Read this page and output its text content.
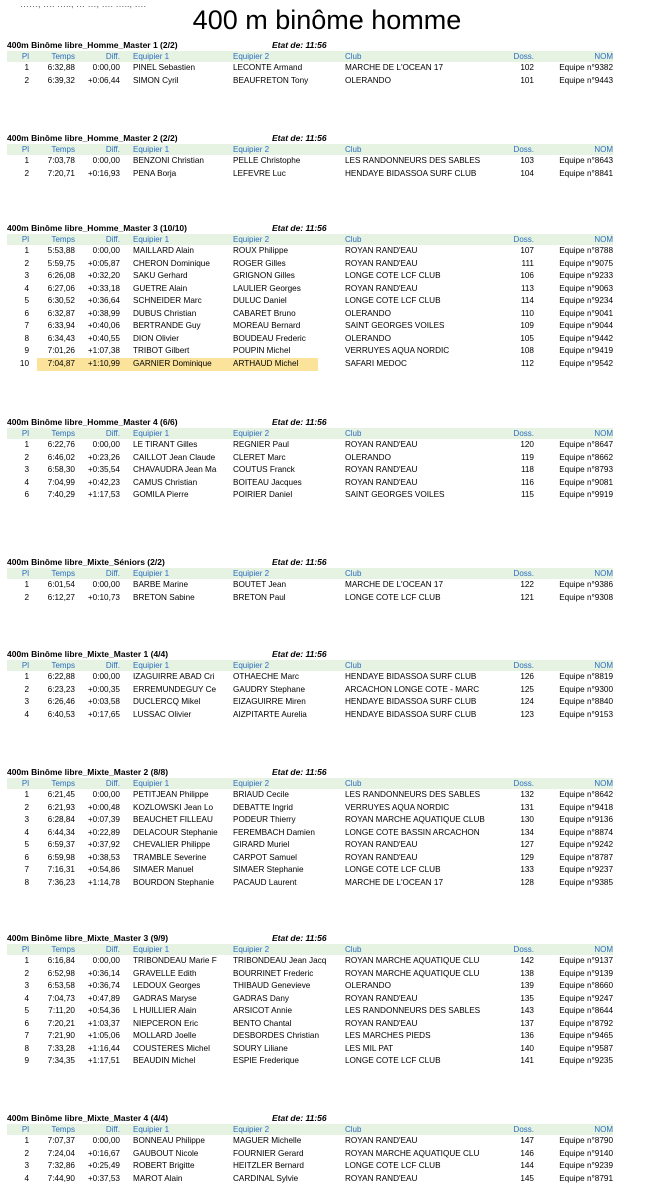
……, …. ….., … …, …. ….., ….
400 m binôme homme
400m Binôme libre_Homme_Master 1 (2/2)	Etat de: 11:56
Pl	Temps	Diff. Equipier 1	Equipier 2	Club	Doss.	NOM
1	6:32,88	0:00,00 PINEL Sebastien	LECONTE Armand	MARCHE DE L'OCEAN 17	102	Equipe n°9382
2	6:39,32	+0:06,44 SIMON Cyril	BEAUFRETON Tony	OLERANDO	101	Equipe n°9443
400m Binôme libre_Homme_Master 2 (2/2)	Etat de: 11:56
Pl	Temps	Diff. Equipier 1	Equipier 2	Club	Doss.	NOM
1	7:03,78	0:00,00 BENZONI Christian	PELLE Christophe	LES RANDONNEURS DES SABLES	103	Equipe n°8643
2	7:20,71	+0:16,93 PENA Borja	LEFEVRE Luc	HENDAYE BIDASSOA SURF CLUB	104	Equipe n°8841
400m Binôme libre_Homme_Master 3 (10/10)	Etat de: 11:56
Pl	Temps	Diff. Equipier 1	Equipier 2	Club	Doss.	NOM
1	5:53,88	0:00,00 MAILLARD Alain	ROUX Philippe	ROYAN RAND'EAU	107	Equipe n°8788
2	5:59,75	+0:05,87 CHERON Dominique	ROGER Gilles	ROYAN RAND'EAU	111	Equipe n°9075
3	6:26,08	+0:32,20 SAKU Gerhard	GRIGNON Gilles	LONGE COTE LCF CLUB	106	Equipe n°9233
4	6:27,06	+0:33,18 GUETRE Alain	LAULIER Georges	ROYAN RAND'EAU	113	Equipe n°9063
5	6:30,52	+0:36,64 SCHNEIDER Marc	DULUC Daniel	LONGE COTE LCF CLUB	114	Equipe n°9234
6	6:32,87	+0:38,99 DUBUS Christian	CABARET Bruno	OLERANDO	110	Equipe n°9041
7	6:33,94	+0:40,06 BERTRANDE Guy	MOREAU Bernard	SAINT GEORGES VOILES	109	Equipe n°9044
8	6:34,43	+0:40,55 DION Olivier	BOUDEAU Frederic	OLERANDO	105	Equipe n°9442
9	7:01,26	+1:07,38 TRIBOT Gilbert	POUPIN Michel	VERRUYES AQUA NORDIC	108	Equipe n°9419
10	7:04,87	+1:10,99 GARNIER Dominique	ARTHAUD Michel	SAFARI MEDOC	112	Equipe n°9542
400m Binôme libre_Homme_Master 4 (6/6)	Etat de: 11:56
Pl	Temps	Diff. Equipier 1	Equipier 2	Club	Doss.	NOM
1	6:22,76	0:00,00 LE TIRANT Gilles	REGNIER Paul	ROYAN RAND'EAU	120	Equipe n°8647
2	6:46,02	+0:23,26 CAILLOT Jean Claude	CLERET Marc	OLERANDO	119	Equipe n°8662
3	6:58,30	+0:35,54 CHAVAUDRA Jean Ma	COUTUS Franck	ROYAN RAND'EAU	118	Equipe n°8793
4	7:04,99	+0:42,23 CAMUS Christian	BOITEAU Jacques	ROYAN RAND'EAU	116	Equipe n°9081
6	7:40,29	+1:17,53 GOMILA Pierre	POIRIER Daniel	SAINT GEORGES VOILES	115	Equipe n°9919
400m Binôme libre_Mixte_Séniors (2/2)	Etat de: 11:56
Pl	Temps	Diff. Equipier 1	Equipier 2	Club	Doss.	NOM
1	6:01,54	0:00,00 BARBE Marine	BOUTET Jean	MARCHE DE L'OCEAN 17	122	Equipe n°9386
2	6:12,27	+0:10,73 BRETON Sabine	BRETON Paul	LONGE COTE LCF CLUB	121	Equipe n°9308
400m Binôme libre_Mixte_Master 1 (4/4)	Etat de: 11:56
Pl	Temps	Diff. Equipier 1	Equipier 2	Club	Doss.	NOM
1	6:22,88	0:00,00 IZAGUIRRE ABAD Cri	OTHAECHE Marc	HENDAYE BIDASSOA SURF CLUB	126	Equipe n°8819
2	6:23,23	+0:00,35 ERREMUNDEGUY Ce	GAUDRY Stephane	ARCACHON LONGE COTE - MARC	125	Equipe n°9300
3	6:26,46	+0:03,58 DUCLERCQ Mikel	EIZAGUIRRE Miren	HENDAYE BIDASSOA SURF CLUB	124	Equipe n°8840
4	6:40,53	+0:17,65 LUSSAC Olivier	AIZPITARTE Aurelia	HENDAYE BIDASSOA SURF CLUB	123	Equipe n°9153
400m Binôme libre_Mixte_Master 2 (8/8)	Etat de: 11:56
Pl	Temps	Diff. Equipier 1	Equipier 2	Club	Doss.	NOM
1	6:21,45	0:00,00 PETITJEAN Philippe	BRIAUD Cecile	LES RANDONNEURS DES SABLES	132	Equipe n°8642
2	6:21,93	+0:00,48 KOZLOWSKI Jean Lo	DEBATTE Ingrid	VERRUYES AQUA NORDIC	131	Equipe n°9418
3	6:28,84	+0:07,39 BEAUCHET FILLEAU	PODEUR Thierry	ROYAN MARCHE AQUATIQUE CLUB	130	Equipe n°9136
4	6:44,34	+0:22,89 DELACOUR Stephanie	FEREMBACH Damien	LONGE COTE BASSIN ARCACHON	134	Equipe n°8874
5	6:59,37	+0:37,92 CHEVALIER Philippe	GIRARD Muriel	ROYAN RAND'EAU	127	Equipe n°9242
6	6:59,98	+0:38,53 TRAMBLE Severine	CARPOT Samuel	ROYAN RAND'EAU	129	Equipe n°8787
7	7:16,31	+0:54,86 SIMAER Manuel	SIMAER Stephanie	LONGE COTE LCF CLUB	133	Equipe n°9237
8	7:36,23	+1:14,78 BOURDON Stephanie	PACAUD Laurent	MARCHE DE L'OCEAN 17	128	Equipe n°9385
400m Binôme libre_Mixte_Master 3 (9/9)	Etat de: 11:56
Pl	Temps	Diff. Equipier 1	Equipier 2	Club	Doss.	NOM
1	6:16,84	0:00,00 TRIBONDEAU Marie F	TRIBONDEAU Jean Jacq	ROYAN MARCHE AQUATIQUE CLU	142	Equipe n°9137
2	6:52,98	+0:36,14 GRAVELLE Edith	BOURRINET Frederic	ROYAN MARCHE AQUATIQUE CLU	138	Equipe n°9139
3	6:53,58	+0:36,74 LEDOUX Georges	THIBAUD Genevieve	OLERANDO	139	Equipe n°8660
4	7:04,73	+0:47,89 GADRAS Maryse	GADRAS Dany	ROYAN RAND'EAU	135	Equipe n°9247
5	7:11,20	+0:54,36 L HUILLIER Alain	ARSICOT Annie	LES RANDONNEURS DES SABLES	143	Equipe n°8644
6	7:20,21	+1:03,37 NIEPCERON Eric	BENTO Chantal	ROYAN RAND'EAU	137	Equipe n°8792
7	7:21,90	+1:05,06 MOLLARD Joelle	DESBORDES Christian	LES MARCHES PIEDS	136	Equipe n°9465
8	7:33,28	+1:16,44 COUSTERES Michel	SOURY Liliane	LES MIL PAT	140	Equipe n°9587
9	7:34,35	+1:17,51 BEAUDIN Michel	ESPIE Frederique	LONGE COTE LCF CLUB	141	Equipe n°9235
400m Binôme libre_Mixte_Master 4 (4/4)	Etat de: 11:56
Pl	Temps	Diff. Equipier 1	Equipier 2	Club	Doss.	NOM
1	7:07,37	0:00,00 BONNEAU Philippe	MAGUER Michelle	ROYAN RAND'EAU	147	Equipe n°8790
2	7:24,04	+0:16,67 GAUBOUT Nicole	FOURNIER Gerard	ROYAN MARCHE AQUATIQUE CLU	146	Equipe n°9140
3	7:32,86	+0:25,49 ROBERT Brigitte	HEITZLER Bernard	LONGE COTE LCF CLUB	144	Equipe n°9239
4	7:44,90	+0:37,53 MAROT Alain	CARDINAL Sylvie	ROYAN RAND'EAU	145	Equipe n°8791
